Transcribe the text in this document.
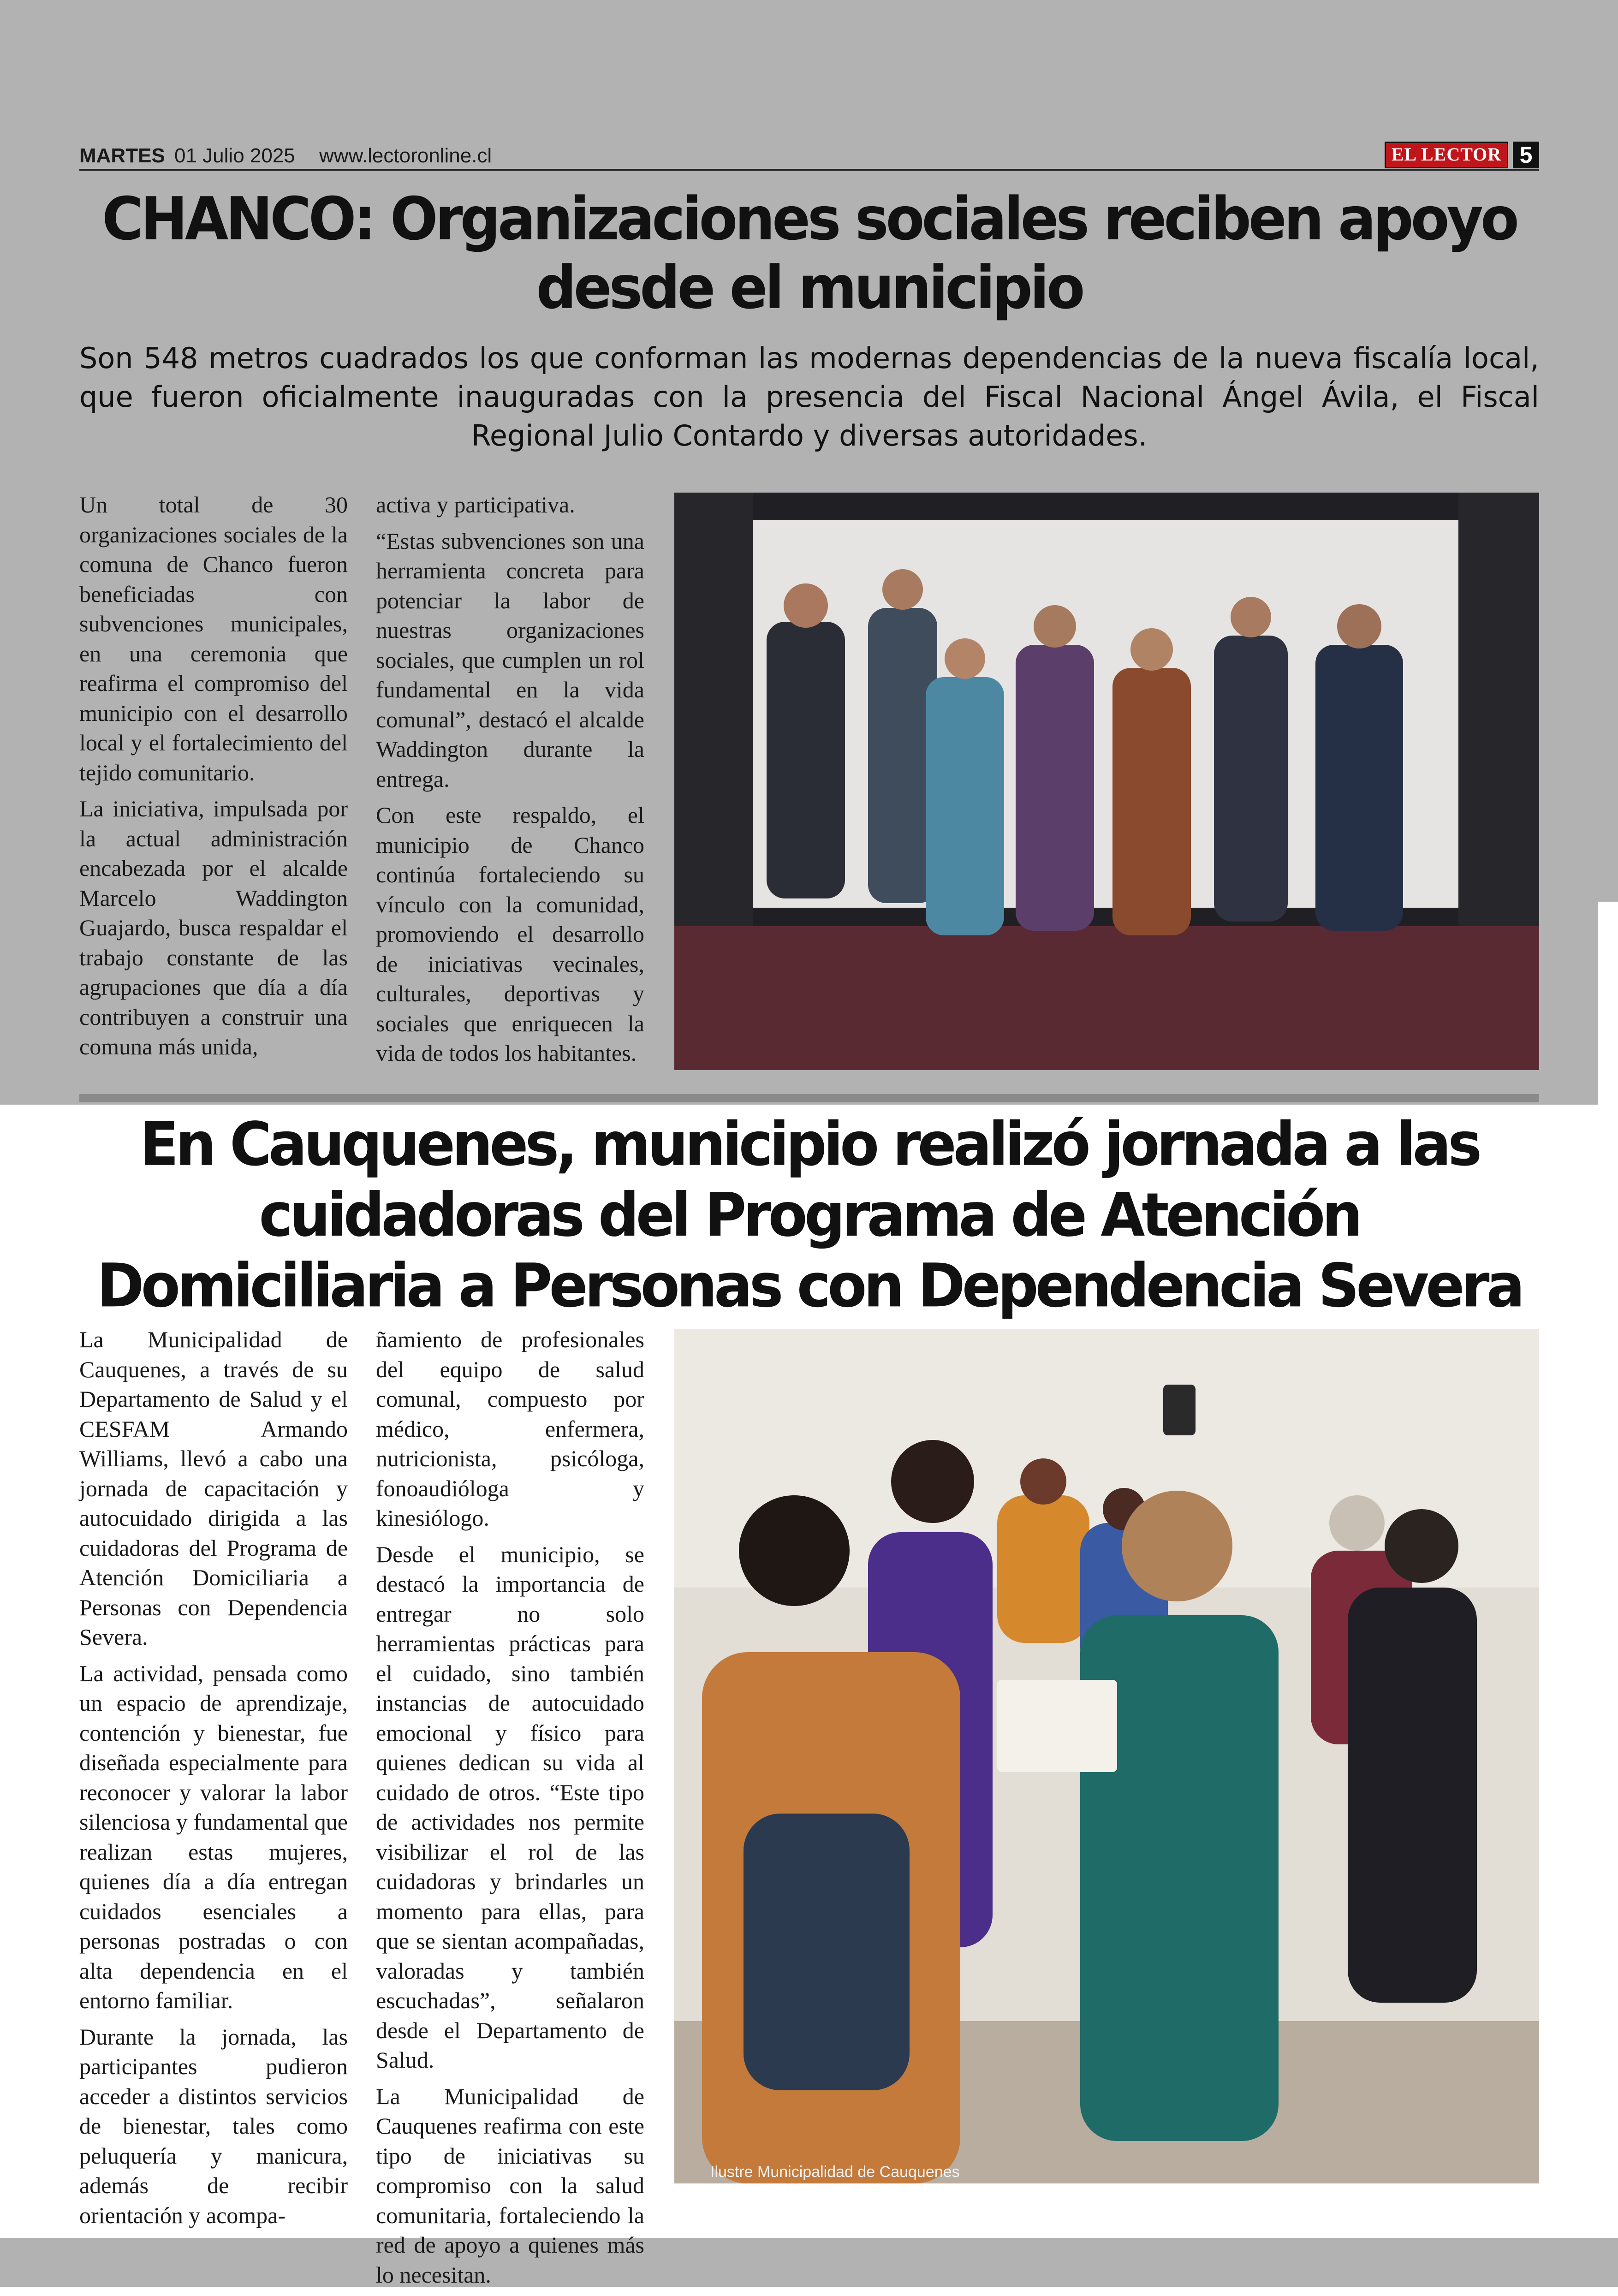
MARTES 01 Julio 2025 www.lectoronline.cl	EL LECTOR 5
CHANCO: Organizaciones sociales reciben apoyo desde el municipio

Son 548 metros cuadrados los que conforman las modernas dependencias de la nueva fiscalía local, que fueron oficialmente inauguradas con la presencia del Fiscal Nacional Ángel Ávila, el Fiscal Regional Julio Contardo y diversas autoridades.

Un total de 30 organizaciones sociales de la comuna de Chanco fueron beneficiadas con subvenciones municipales, en una ceremonia que reafirma el compromiso del municipio con el desarrollo local y el fortalecimiento del tejido comunitario.

La iniciativa, impulsada por la actual administración encabezada por el alcalde Marcelo Waddington Guajardo, busca respaldar el trabajo constante de las agrupaciones que día a día contribuyen a construir una comuna más unida,

activa y participativa.

“Estas subvenciones son una herramienta concreta para potenciar la labor de nuestras organizaciones sociales, que cumplen un rol fundamental en la vida comunal”, destacó el alcalde Waddington durante la entrega.

Con este respaldo, el municipio de Chanco continúa fortaleciendo su vínculo con la comunidad, promoviendo el desarrollo de iniciativas vecinales, culturales, deportivas y sociales que enriquecen la vida de todos los habitantes.

En Cauquenes, municipio realizó jornada a las cuidadoras del Programa de Atención Domiciliaria a Personas con Dependencia Severa

La Municipalidad de Cauquenes, a través de su Departamento de Salud y el CESFAM Armando Williams, llevó a cabo una jornada de capacitación y autocuidado dirigida a las cuidadoras del Programa de Atención Domiciliaria a Personas con Dependencia Severa.

La actividad, pensada como un espacio de aprendizaje, contención y bienestar, fue diseñada especialmente para reconocer y valorar la labor silenciosa y fundamental que realizan estas mujeres, quienes día a día entregan cuidados esenciales a personas postradas o con alta dependencia en el entorno familiar.

Durante la jornada, las participantes pudieron acceder a distintos servicios de bienestar, tales como peluquería y manicura, además de recibir orientación y acompa-

ñamiento de profesionales del equipo de salud comunal, compuesto por médico, enfermera, nutricionista, psicóloga, fonoaudióloga y kinesiólogo.

Desde el municipio, se destacó la importancia de entregar no solo herramientas prácticas para el cuidado, sino también instancias de autocuidado emocional y físico para quienes dedican su vida al cuidado de otros. “Este tipo de actividades nos permite visibilizar el rol de las cuidadoras y brindarles un momento para ellas, para que se sientan acompañadas, valoradas y también escuchadas”, señalaron desde el Departamento de Salud.

La Municipalidad de Cauquenes reafirma con este tipo de iniciativas su compromiso con la salud comunitaria, fortaleciendo la red de apoyo a quienes más lo necesitan.

Ilustre Municipalidad de Cauquenes
